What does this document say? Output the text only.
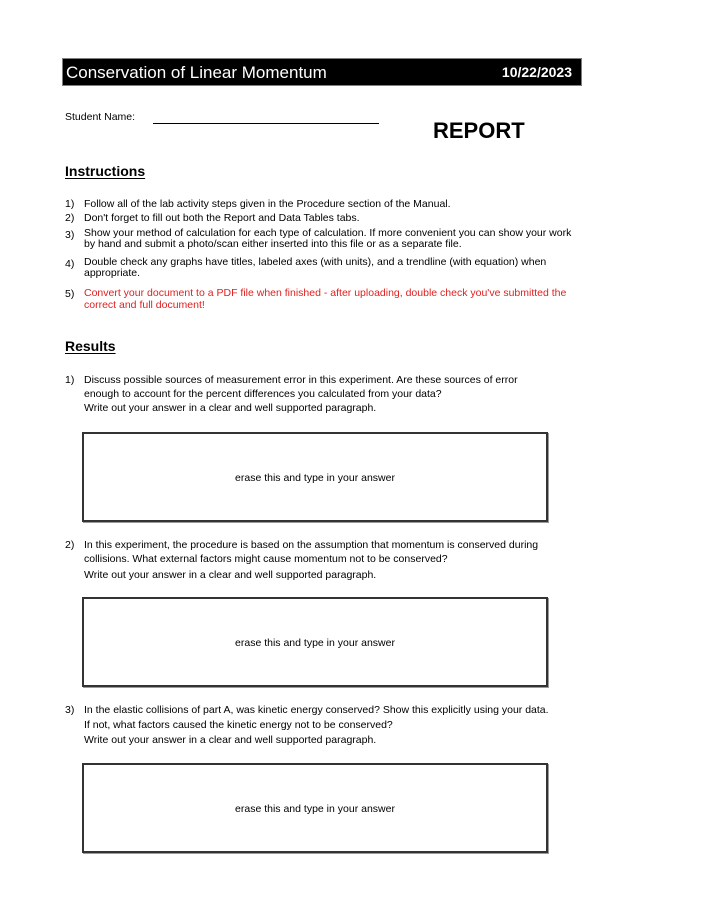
Conservation of Linear Momentum	10/22/2023
Student Name:
REPORT
Instructions
1) Follow all of the lab activity steps given in the Procedure section of the Manual.
2) Don't forget to fill out both the Report and Data Tables tabs.
3) Show your method of calculation for each type of calculation. If more convenient you can show your work
by hand and submit a photo/scan either inserted into this file or as a separate file.
4) Double check any graphs have titles, labeled axes (with units), and a trendline (with equation) when
appropriate.
5) Convert your document to a PDF file when finished - after uploading, double check you've submitted the
correct and full document!
Results
1) Discuss possible sources of measurement error in this experiment. Are these sources of error
enough to account for the percent differences you calculated from your data?
Write out your answer in a clear and well supported paragraph.
erase this and type in your answer
2) In this experiment, the procedure is based on the assumption that momentum is conserved during
collisions. What external factors might cause momentum not to be conserved?
Write out your answer in a clear and well supported paragraph.
erase this and type in your answer
3) In the elastic collisions of part A, was kinetic energy conserved? Show this explicitly using your data.
If not, what factors caused the kinetic energy not to be conserved?
Write out your answer in a clear and well supported paragraph.
erase this and type in your answer
